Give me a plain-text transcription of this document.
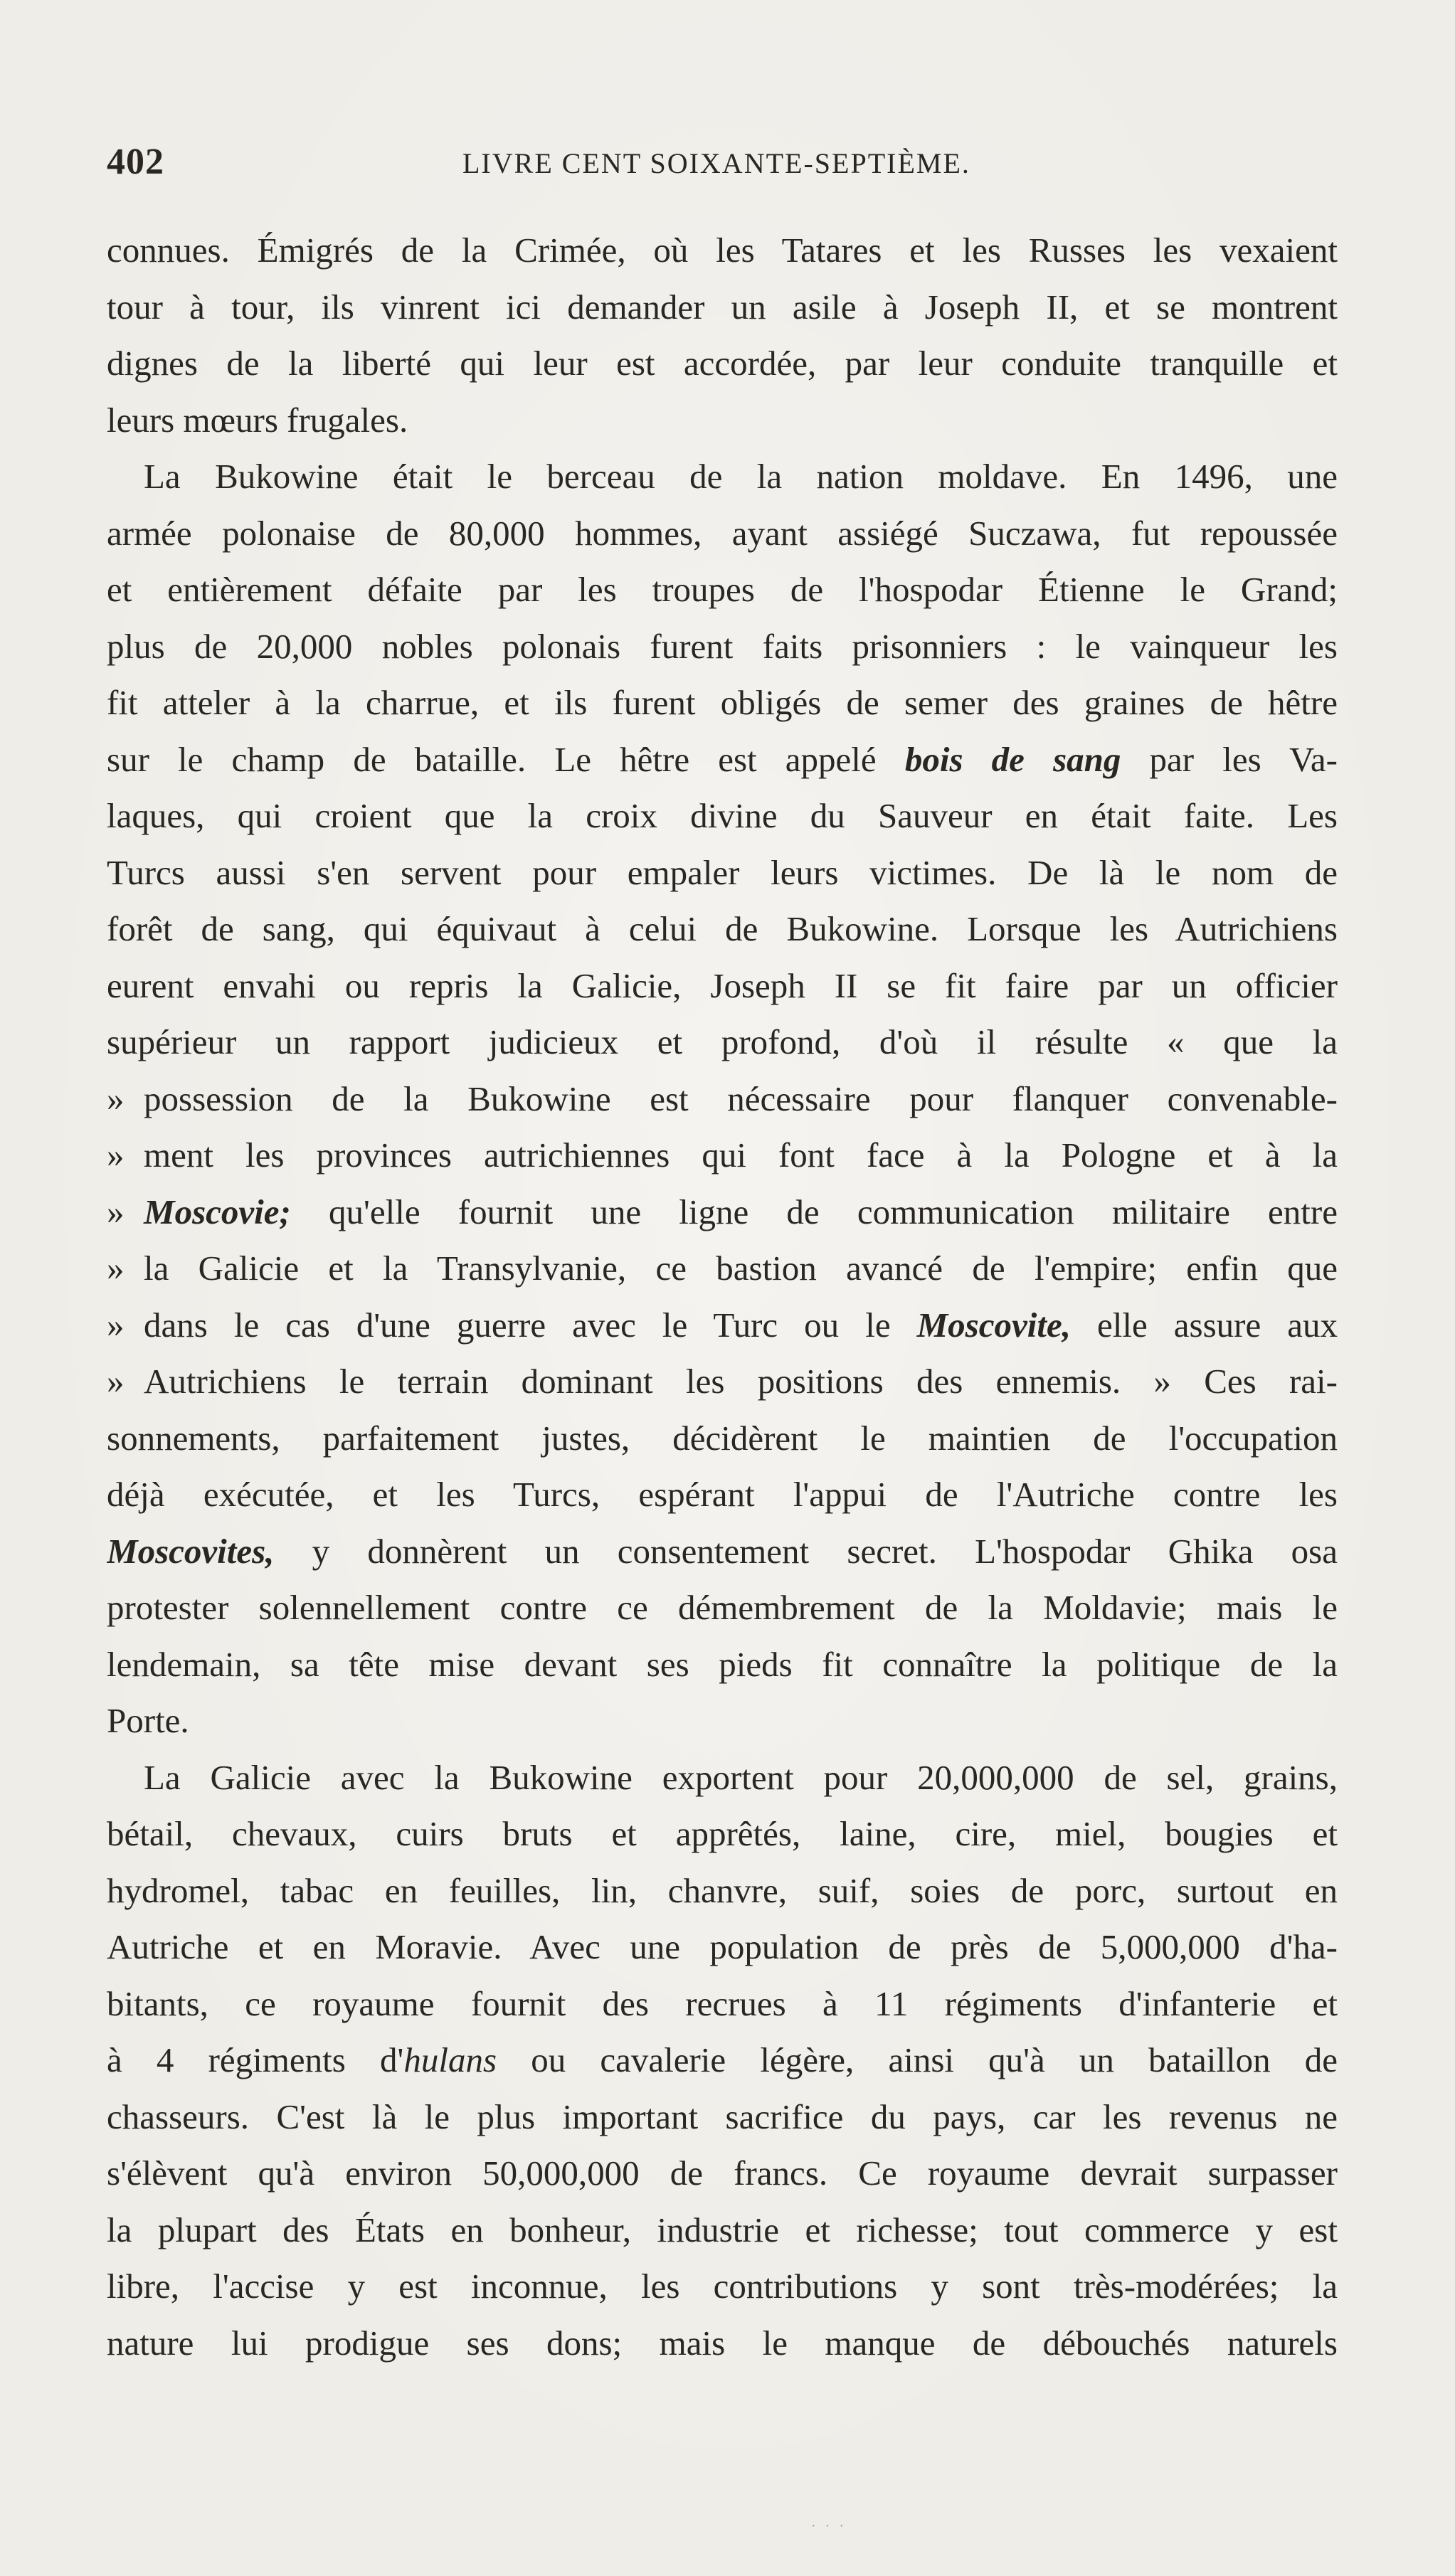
402	LIVRE CENT SOIXANTE-SEPTIÈME.
connues. Émigrés de la Crimée, où les Tatares et les Russes les vexaient
tour à tour, ils vinrent ici demander un asile à Joseph II, et se montrent
dignes de la liberté qui leur est accordée, par leur conduite tranquille et
leurs mœurs frugales.
La Bukowine était le berceau de la nation moldave. En 1496, une
armée polonaise de 80,000 hommes, ayant assiégé Suczawa, fut repoussée
et entièrement défaite par les troupes de l'hospodar Étienne le Grand;
plus de 20,000 nobles polonais furent faits prisonniers : le vainqueur les
fit atteler à la charrue, et ils furent obligés de semer des graines de hêtre
sur le champ de bataille. Le hêtre est appelé bois de sang par les Va-
laques, qui croient que la croix divine du Sauveur en était faite. Les
Turcs aussi s'en servent pour empaler leurs victimes. De là le nom de
forêt de sang, qui équivaut à celui de Bukowine. Lorsque les Autrichiens
eurent envahi ou repris la Galicie, Joseph II se fit faire par un officier
supérieur un rapport judicieux et profond, d'où il résulte « que la
» possession de la Bukowine est nécessaire pour flanquer convenable-
» ment les provinces autrichiennes qui font face à la Pologne et à la
» Moscovie; qu'elle fournit une ligne de communication militaire entre
» la Galicie et la Transylvanie, ce bastion avancé de l'empire; enfin que
» dans le cas d'une guerre avec le Turc ou le Moscovite, elle assure aux
» Autrichiens le terrain dominant les positions des ennemis. » Ces rai-
sonnements, parfaitement justes, décidèrent le maintien de l'occupation
déjà exécutée, et les Turcs, espérant l'appui de l'Autriche contre les
Moscovites, y donnèrent un consentement secret. L'hospodar Ghika osa
protester solennellement contre ce démembrement de la Moldavie; mais le
lendemain, sa tête mise devant ses pieds fit connaître la politique de la
Porte.
La Galicie avec la Bukowine exportent pour 20,000,000 de sel, grains,
bétail, chevaux, cuirs bruts et apprêtés, laine, cire, miel, bougies et
hydromel, tabac en feuilles, lin, chanvre, suif, soies de porc, surtout en
Autriche et en Moravie. Avec une population de près de 5,000,000 d'ha-
bitants, ce royaume fournit des recrues à 11 régiments d'infanterie et
à 4 régiments d'hulans ou cavalerie légère, ainsi qu'à un bataillon de
chasseurs. C'est là le plus important sacrifice du pays, car les revenus ne
s'élèvent qu'à environ 50,000,000 de francs. Ce royaume devrait surpasser
la plupart des États en bonheur, industrie et richesse; tout commerce y est
libre, l'accise y est inconnue, les contributions y sont très-modérées; la
nature lui prodigue ses dons; mais le manque de débouchés naturels
· · ·
